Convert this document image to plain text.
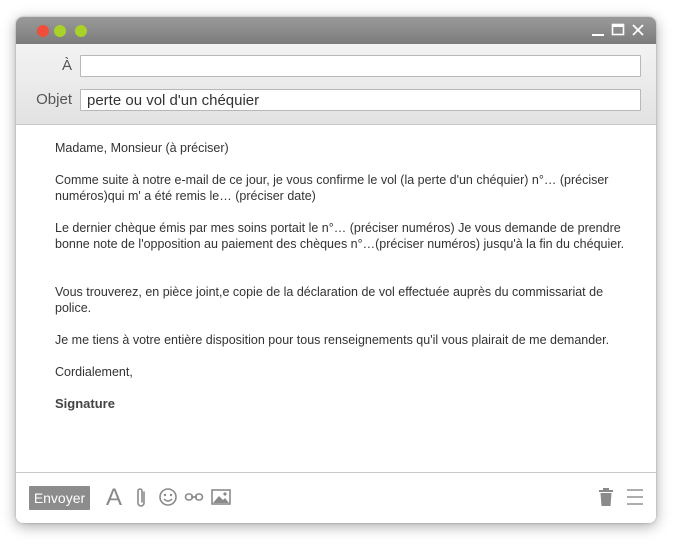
À
Objet
perte ou vol d'un chéquier

Madame, Monsieur (à préciser)

Comme suite à notre e-mail de ce jour, je vous confirme le vol (la perte d'un chéquier) n°… (préciser numéros)qui m' a été remis le… (préciser date)

Le dernier chèque émis par mes soins portait le n°… (préciser numéros) Je vous demande de prendre bonne note de l'opposition au paiement des chèques n°…(préciser numéros) jusqu'à la fin du chéquier.

Vous trouverez, en pièce joint,e copie de la déclaration de vol effectuée auprès du commissariat de police.

Je me tiens à votre entière disposition pour tous renseignements qu'il vous plairait de me demander.

Cordialement,

Signature

Envoyer A
